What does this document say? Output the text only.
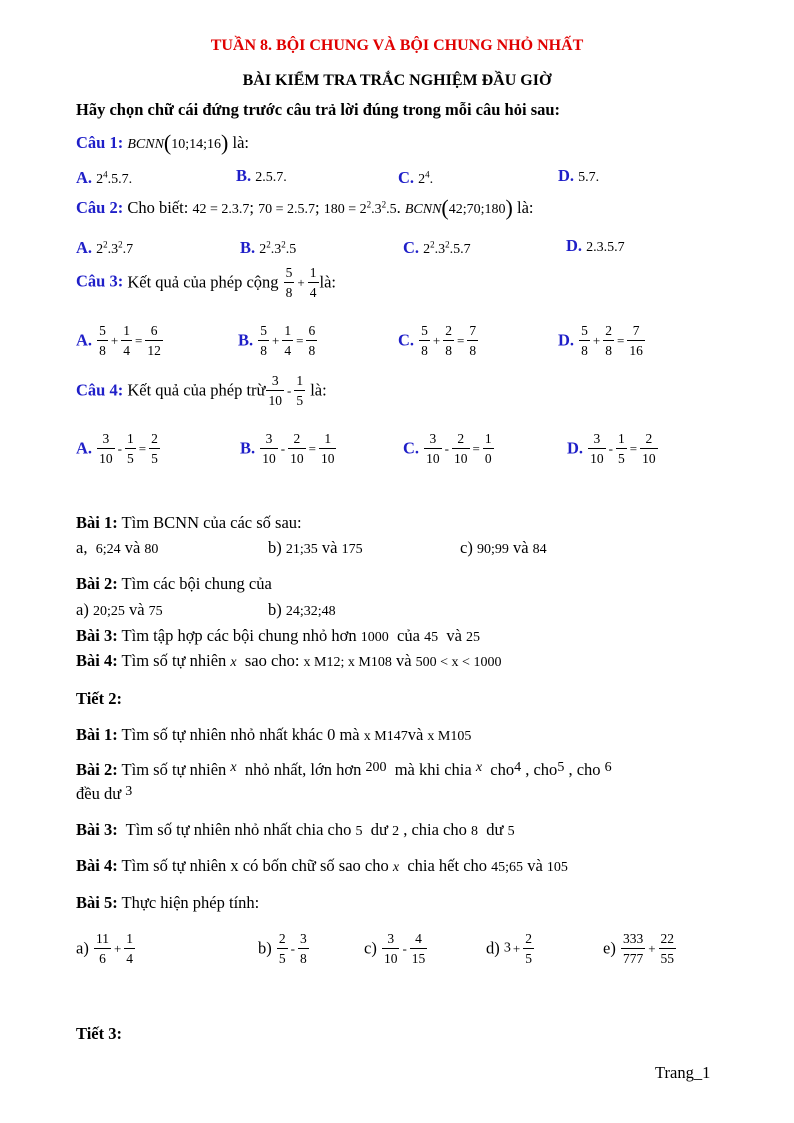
TUẦN 8. BỘI CHUNG VÀ BỘI CHUNG NHỎ NHẤT
BÀI KIỂM TRA TRẮC NGHIỆM ĐẦU GIỜ
Hãy chọn chữ cái đứng trước câu trả lời đúng trong mỗi câu hỏi sau:
Câu 1: BCNN(10;14;16) là:
A. $2^4.5.7$.	B. 2.5.7.	C. $2^4$.	D. 5.7.
Câu 2: Cho biết: 42 = 2.3.7; 70 = 2.5.7; $180 = 2^2.3^2.5$. BCNN(42;70;180) là:
A. $2^2.3^2.7$	B. $2^2.3^2.5$	C. $2^2.3^2.5.7$	D. 2.3.5.7
Câu 3: Kết quả của phép cộng $\frac{5}{8} + \frac{1}{4}$ là:
A. $\frac{5}{8} + \frac{1}{4} = \frac{6}{12}$	B. $\frac{5}{8} + \frac{1}{4} = \frac{6}{8}$	C. $\frac{5}{8} + \frac{2}{8} = \frac{7}{8}$	D. $\frac{5}{8} + \frac{2}{8} = \frac{7}{16}$
Câu 4: Kết quả của phép trừ $\frac{3}{10} - \frac{1}{5}$ là:
A. $\frac{3}{10} - \frac{1}{5} = \frac{2}{5}$	B. $\frac{3}{10} - \frac{2}{10} = \frac{1}{10}$	C. $\frac{3}{10} - \frac{2}{10} = \frac{1}{0}$	D. $\frac{3}{10} - \frac{1}{5} = \frac{2}{10}$
Bài 1: Tìm BCNN của các số sau:
a, 6;24 và 80	b) 21;35 và 175	c) 90;99 và 84
Bài 2: Tìm các bội chung của
a) 20;25 và 75	b) 24;32;48
Bài 3: Tìm tập hợp các bội chung nhỏ hơn 1000 của 45 và 25
Bài 4: Tìm số tự nhiên x sao cho: x M12; x M108 và 500 < x < 1000
Tiết 2:
Bài 1: Tìm số tự nhiên nhỏ nhất khác 0 mà x M147và x M105
Bài 2: Tìm số tự nhiên $^x$ nhỏ nhất, lớn hơn $^{200}$ mà khi chia $^x$ cho$^4$ , cho$^5$ , cho $^6$
đều dư $^3$
Bài 3: Tìm số tự nhiên nhỏ nhất chia cho 5 dư 2 , chia cho 8 dư 5
Bài 4: Tìm số tự nhiên x có bốn chữ số sao cho x chia hết cho 45;65 và 105
Bài 5: Thực hiện phép tính:
$a) \frac{11}{6} + \frac{1}{4}$	$b) \frac{2}{5} - \frac{3}{8}$	$c) \frac{3}{10} - \frac{4}{15}$	d) $3 + \frac{2}{5}$	$e) \frac{333}{777} + \frac{22}{55}$
Tiết 3:
Trang_1
